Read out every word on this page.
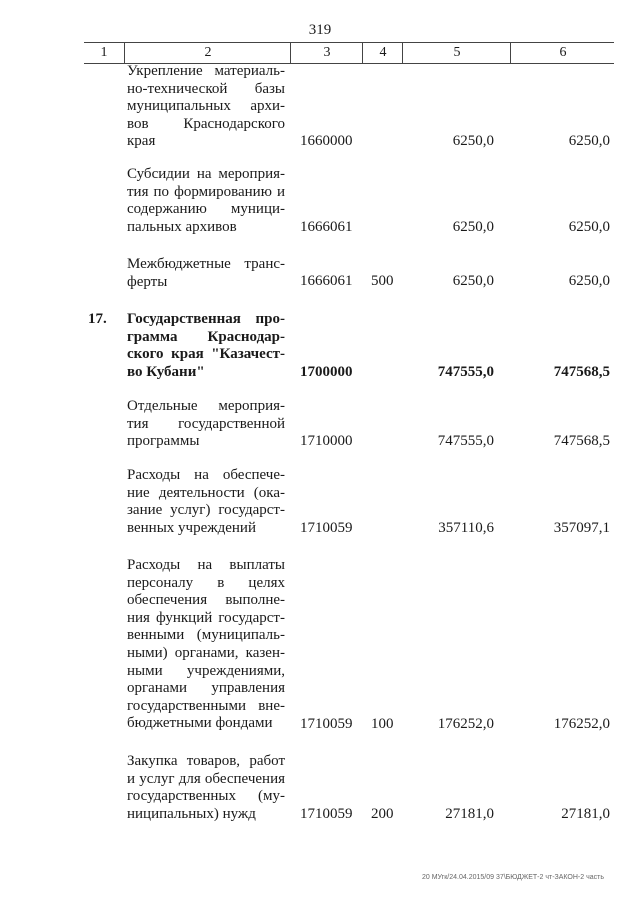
319
1	2	3	4	5	6
Укрепление материаль-
но-технической базы
муниципальных архи-
вов Краснодарского
края	1660000	6250,0	6250,0
Субсидии на мероприя-
тия по формированию и
содержанию муници-
пальных архивов	1666061	6250,0	6250,0
Межбюджетные транс-
ферты	1666061 500	6250,0	6250,0
17. Государственная про-
грамма Краснодар-
ского края "Казачест-
во Кубани"	1700000	747555,0	747568,5
Отдельные мероприя-
тия государственной
программы	1710000	747555,0	747568,5
Расходы на обеспече-
ние деятельности (ока-
зание услуг) государст-
венных учреждений	1710059	357110,6	357097,1
Расходы на выплаты
персоналу в целях
обеспечения выполне-
ния функций государст-
венными (муниципаль-
ными) органами, казен-
ными учреждениями,
органами управления
государственными вне-
бюджетными фондами	1710059 100	176252,0	176252,0
Закупка товаров, работ
и услуг для обеспечения
государственных (му-
ниципальных) нужд	1710059 200	27181,0	27181,0
20 МУгк/24.04.2015/09 37\БЮДЖЕТ-2 чт-ЗАКОН-2 часть
